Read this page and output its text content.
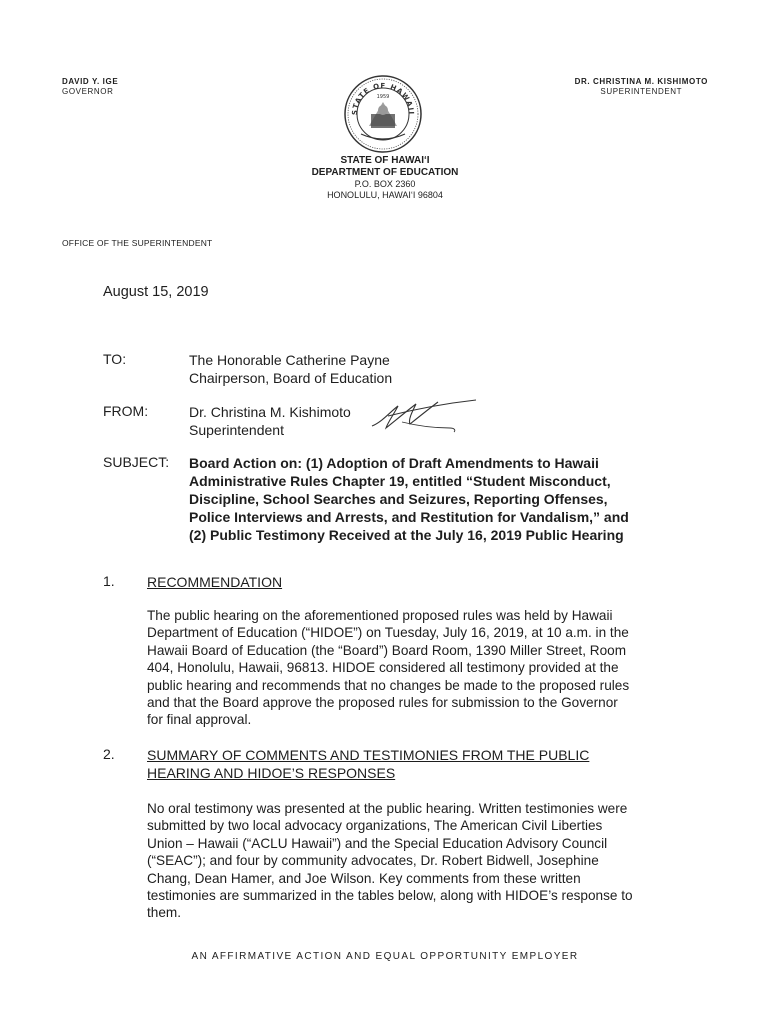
DAVID Y. IGE
GOVERNOR
DR. CHRISTINA M. KISHIMOTO
SUPERINTENDENT
STATE OF HAWAII
1959
STATE OF HAWAI‘I
DEPARTMENT OF EDUCATION
P.O. BOX 2360
HONOLULU, HAWAI‘I 96804
OFFICE OF THE SUPERINTENDENT
August 15, 2019
TO:	The Honorable Catherine Payne
Chairperson, Board of Education
FROM:	Dr. Christina M. Kishimoto
Superintendent
SUBJECT: Board Action on: (1) Adoption of Draft Amendments to Hawaii
Administrative Rules Chapter 19, entitled “Student Misconduct,
Discipline, School Searches and Seizures, Reporting Offenses,
Police Interviews and Arrests, and Restitution for Vandalism,” and
(2) Public Testimony Received at the July 16, 2019 Public Hearing
1. RECOMMENDATION
The public hearing on the aforementioned proposed rules was held by Hawaii
Department of Education (“HIDOE”) on Tuesday, July 16, 2019, at 10 a.m. in the
Hawaii Board of Education (the “Board”) Board Room, 1390 Miller Street, Room
404, Honolulu, Hawaii, 96813. HIDOE considered all testimony provided at the
public hearing and recommends that no changes be made to the proposed rules
and that the Board approve the proposed rules for submission to the Governor
for final approval.
2. SUMMARY OF COMMENTS AND TESTIMONIES FROM THE PUBLIC
HEARING AND HIDOE’S RESPONSES
No oral testimony was presented at the public hearing. Written testimonies were
submitted by two local advocacy organizations, The American Civil Liberties
Union – Hawaii (“ACLU Hawaii”) and the Special Education Advisory Council
(“SEAC”); and four by community advocates, Dr. Robert Bidwell, Josephine
Chang, Dean Hamer, and Joe Wilson. Key comments from these written
testimonies are summarized in the tables below, along with HIDOE’s response to
them.
AN AFFIRMATIVE ACTION AND EQUAL OPPORTUNITY EMPLOYER
